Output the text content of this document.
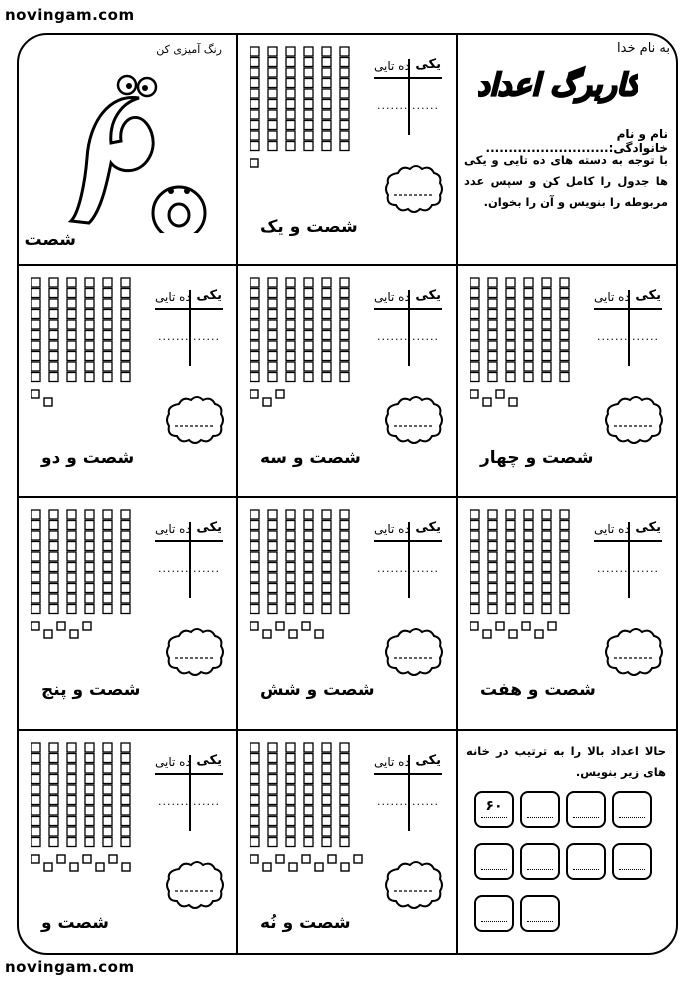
novingam.com
novingam.com
به نام خدا
کاربرگ اعداد
نام و نام خانوادگی:...........................
با توجه به دسته های ده تایی و یکی ها جدول را کامل کن و سپس عدد مربوطه را بنویس و آن را بخوان.
رنگ آمیزی کن
شصت
یکی
ده تایی
.......
.......
شصت و یک
یکی
ده تایی
.......
.......
شصت و چهار
یکی
ده تایی
.......
.......
شصت و سه
یکی
ده تایی
.......
.......
شصت و دو
یکی
ده تایی
.......
.......
شصت و هفت
یکی
ده تایی
.......
.......
شصت و شش
یکی
ده تایی
.......
.......
شصت و پنج
یکی
ده تایی
.......
.......
شصت و نُه
یکی
ده تایی
.......
.......
شصت و
حالا اعداد بالا را به ترتیب در خانه های زیر بنویس.
۶۰
